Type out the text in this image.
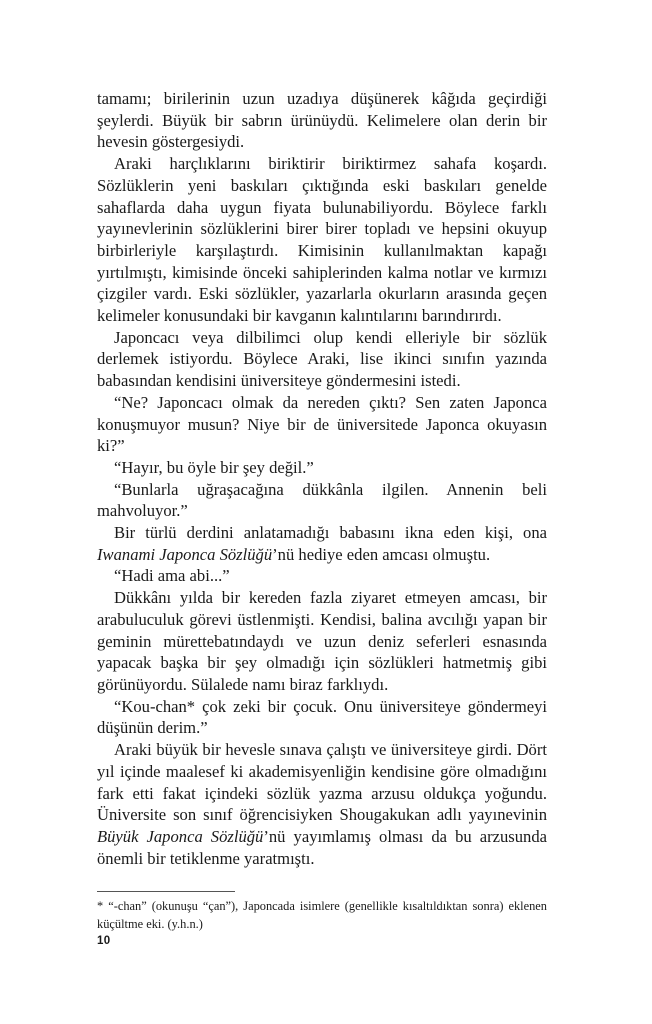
tamamı; birilerinin uzun uzadıya düşünerek kâğıda geçirdiği şeylerdi. Büyük bir sabrın ürünüydü. Kelimelere olan derin bir hevesin göstergesiydi.

Araki harçlıklarını biriktirir biriktirmez sahafa koşardı. Sözlüklerin yeni baskıları çıktığında eski baskıları genelde sahaflarda daha uygun fiyata bulunabiliyordu. Böylece farklı yayınevlerinin sözlüklerini birer birer topladı ve hepsini okuyup birbirleriyle karşılaştırdı. Kimisinin kullanılmaktan kapağı yırtılmıştı, kimisinde önceki sahiplerinden kalma notlar ve kırmızı çizgiler vardı. Eski sözlükler, yazarlarla okurların arasında geçen kelimeler konusundaki bir kavganın kalıntılarını barındırırdı.

Japoncacı veya dilbilimci olup kendi elleriyle bir sözlük derlemek istiyordu. Böylece Araki, lise ikinci sınıfın yazında babasından kendisini üniversiteye göndermesini istedi.

“Ne? Japoncacı olmak da nereden çıktı? Sen zaten Japonca konuşmuyor musun? Niye bir de üniversitede Japonca okuyasın ki?”

“Hayır, bu öyle bir şey değil.”

“Bunlarla uğraşacağına dükkânla ilgilen. Annenin beli mahvoluyor.”

Bir türlü derdini anlatamadığı babasını ikna eden kişi, ona Iwanami Japonca Sözlüğü’nü hediye eden amcası olmuştu.

“Hadi ama abi...”

Dükkânı yılda bir kereden fazla ziyaret etmeyen amcası, bir arabuluculuk görevi üstlenmişti. Kendisi, balina avcılığı yapan bir geminin mürettebatındaydı ve uzun deniz seferleri esnasında yapacak başka bir şey olmadığı için sözlükleri hatmetmiş gibi görünüyordu. Sülalede namı biraz farklıydı.

“Kou-chan* çok zeki bir çocuk. Onu üniversiteye göndermeyi düşünün derim.”

Araki büyük bir hevesle sınava çalıştı ve üniversiteye girdi. Dört yıl içinde maalesef ki akademisyenliğin kendisine göre olmadığını fark etti fakat içindeki sözlük yazma arzusu oldukça yoğundu. Üniversite son sınıf öğrencisiyken Shougakukan adlı yayınevinin Büyük Japonca Sözlüğü’nü yayımlamış olması da bu arzusunda önemli bir tetiklenme yaratmıştı.

* “-chan” (okunuşu “çan”), Japoncada isimlere (genellikle kısaltıldıktan sonra) eklenen küçültme eki. (y.h.n.)
10
